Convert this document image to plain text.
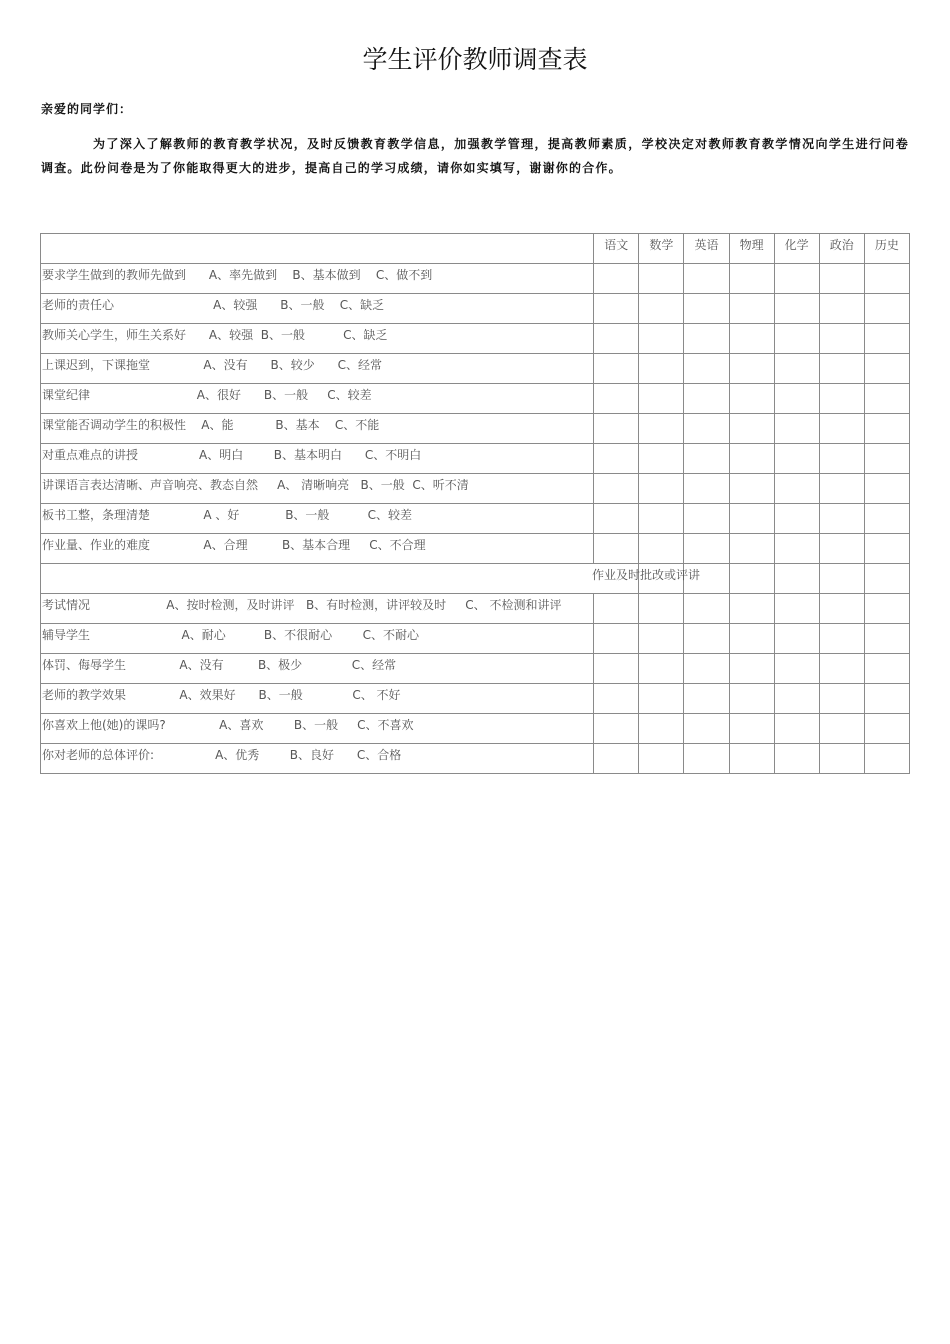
学生评价教师调查表
亲爱的同学们：
为了深入了解教师的教育教学状况，及时反馈教育教学信息，加强教学管理，提高教师素质，学校决定对教师教育教学情况向学生进行问卷调查。此份问卷是为了你能取得更大的进步，提高自己的学习成绩，请你如实填写，谢谢你的合作。
	语文	数学	英语	物理	化学	政治	历史
要求学生做到的教师先做到      A、率先做到    B、基本做到    C、做不到							
老师的责任心                          A、较强      B、一般    C、缺乏							
教师关心学生，师生关系好      A、较强  B、一般          C、缺乏							
上课迟到，下课拖堂              A、没有      B、较少      C、经常							
课堂纪律                            A、很好      B、一般     C、较差							
课堂能否调动学生的积极性    A、能           B、基本    C、不能							
对重点难点的讲授                A、明白        B、基本明白      C、不明白							
讲课语言表达清晰、声音响亮、教态自然     A、 清晰响亮   B、一般  C、听不清							
板书工整，条理清楚              A 、好            B、一般          C、较差							
作业量、作业的难度              A、合理         B、基本合理     C、不合理							
作业及时批改或评讲							
考试情况                    A、按时检测，及时讲评   B、有时检测，讲评较及时     C、 不检测和讲评							
辅导学生                        A、耐心          B、不很耐心        C、不耐心							
体罚、侮辱学生              A、没有         B、极少             C、经常							
老师的教学效果              A、效果好      B、一般             C、 不好							
你喜欢上他(她)的课吗?              A、喜欢        B、一般     C、不喜欢							
你对老师的总体评价:                A、优秀        B、良好      C、合格							
